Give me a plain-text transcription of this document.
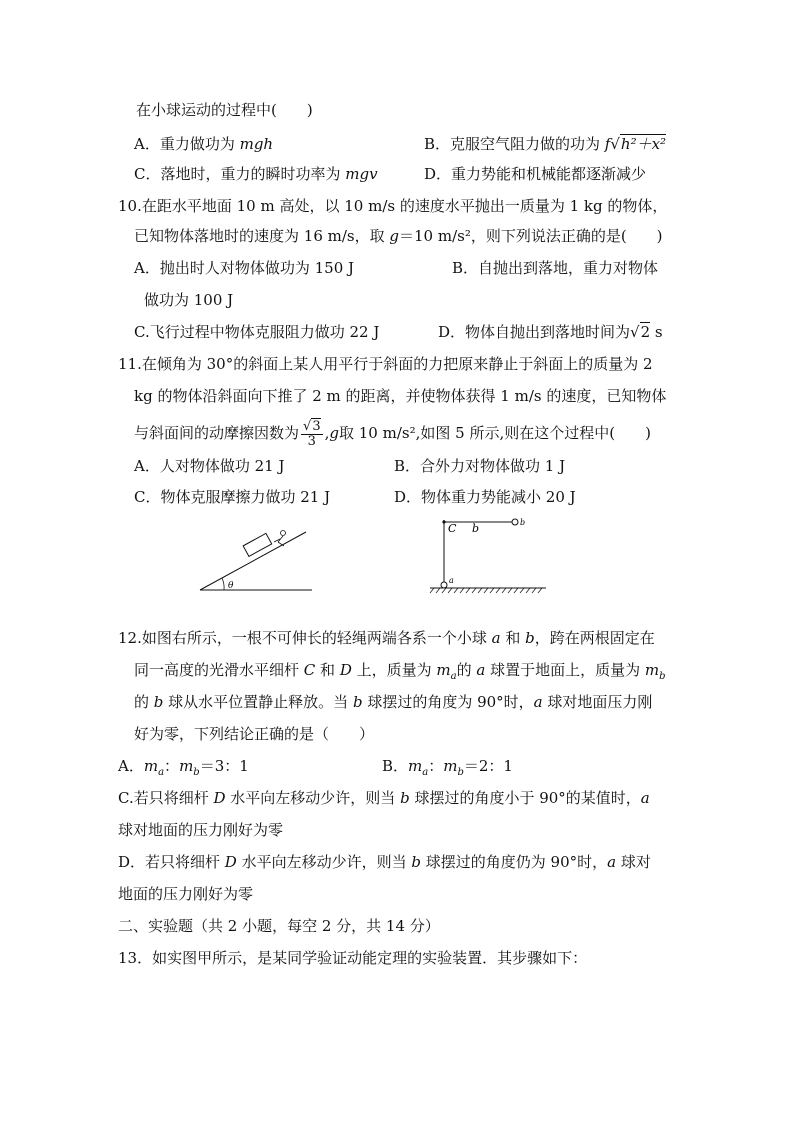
在小球运动的过程中(　　)
A．重力做功为 mgh	B．克服空气阻力做的功为 f√h²＋x²
C．落地时，重力的瞬时功率为 mgv	D．重力势能和机械能都逐渐减少
10.在距水平地面 10 m 高处，以 10 m/s 的速度水平抛出一质量为 1 kg 的物体，
已知物体落地时的速度为 16 m/s，取 g＝10 m/s²，则下列说法正确的是(　　)
A．抛出时人对物体做功为 150 J	B．自抛出到落地，重力对物体
做功为 100 J
C.飞行过程中物体克服阻力做功 22 J	D．物体自抛出到落地时间为√2 s
11.在倾角为 30°的斜面上某人用平行于斜面的力把原来静止于斜面上的质量为 2
kg 的物体沿斜面向下推了 2 m 的距离，并使物体获得 1 m/s 的速度，已知物体
与斜面间的动摩擦因数为 $\frac{√3}{3} ,g$取 10 m/s²,如图 5 所示,则在这个过程中(　　)
A．人对物体做功 21 J	B．合外力对物体做功 1 J
C．物体克服摩擦力做功 21 J	D．物体重力势能减小 20 J
θ
C b	b
a
12.如图右所示，一根不可伸长的轻绳两端各系一个小球 a 和 b，跨在两根固定在
同一高度的光滑水平细杆 C 和 D 上，质量为 $m_a$的 a 球置于地面上，质量为 $m_b$
的 b 球从水平位置静止释放。当 b 球摆过的角度为 90°时，a 球对地面压力刚
好为零，下列结论正确的是（　　）
A．$m_a$：$m_b=3$：1	B．$m_a$：$m_b=2$：1
C.若只将细杆 D 水平向左移动少许，则当 b 球摆过的角度小于 90°的某值时，a
球对地面的压力刚好为零
D．若只将细杆 D 水平向左移动少许，则当 b 球摆过的角度仍为 90°时，a 球对
地面的压力刚好为零
二、实验题（共 2 小题，每空 2 分，共 14 分）
13．如实图甲所示，是某同学验证动能定理的实验装置．其步骤如下：
